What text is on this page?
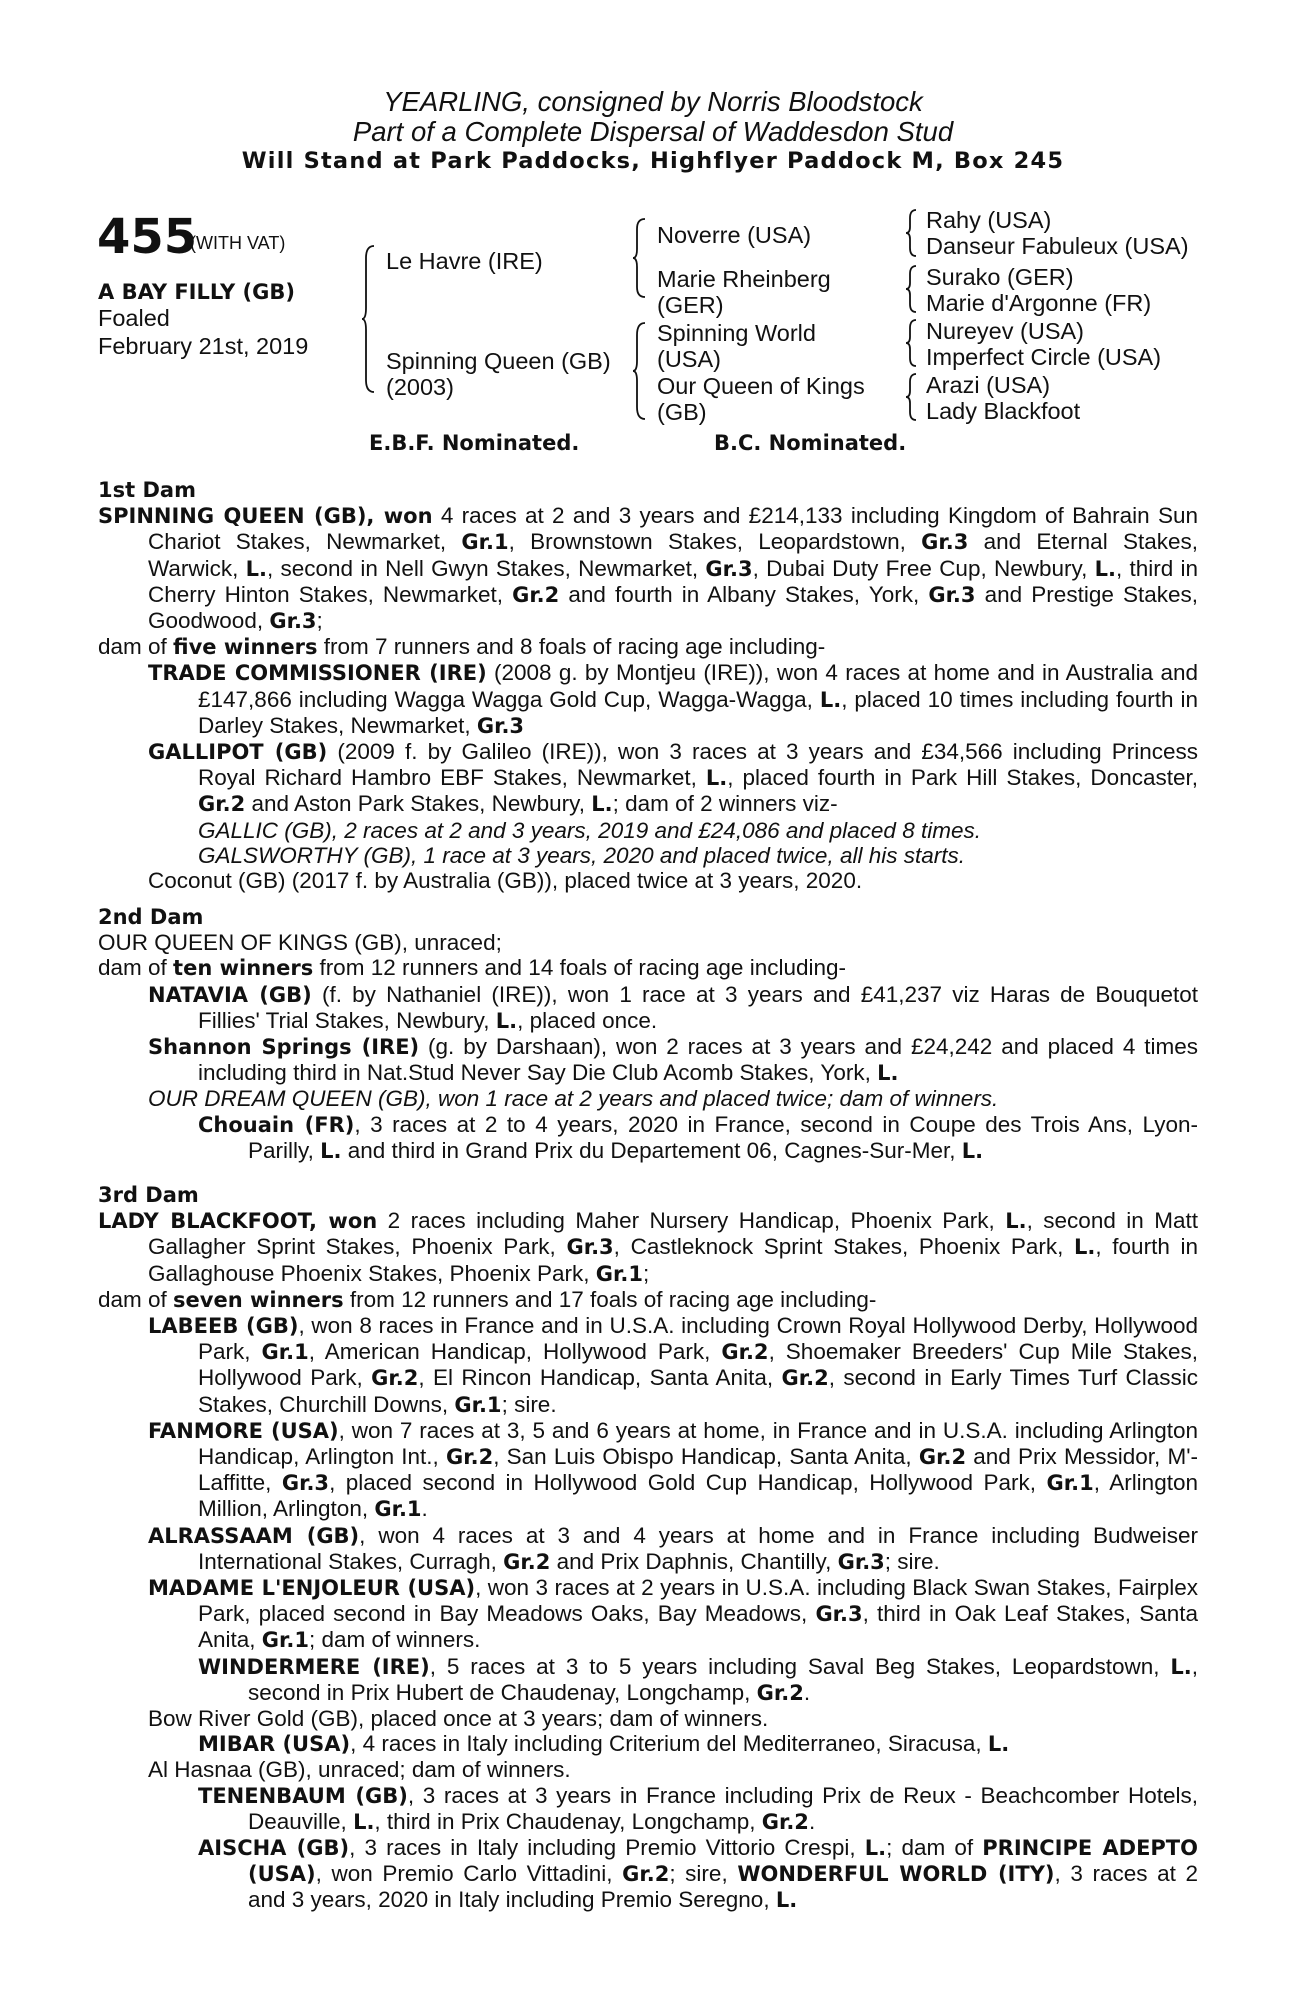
YEARLING, consigned by Norris Bloodstock
Part of a Complete Dispersal of Waddesdon Stud
Will Stand at Park Paddocks, Highflyer Paddock M, Box 245
455
(WITH VAT)
A BAY FILLY (GB)
Foaled
February 21st, 2019
Le Havre (IRE)
Spinning Queen (GB)
(2003)
Noverre (USA)
Marie Rheinberg
(GER)
Spinning World
(USA)
Our Queen of Kings
(GB)
Rahy (USA)
Danseur Fabuleux (USA)
Surako (GER)
Marie d'Argonne (FR)
Nureyev (USA)
Imperfect Circle (USA)
Arazi (USA)
Lady Blackfoot
E.B.F. Nominated.	B.C. Nominated.
1st Dam
SPINNING QUEEN (GB), won 4 races at 2 and 3 years and £214,133 including Kingdom of Bahrain Sun Chariot Stakes, Newmarket, Gr.1, Brownstown Stakes, Leopardstown, Gr.3 and Eternal Stakes, Warwick, L., second in Nell Gwyn Stakes, Newmarket, Gr.3, Dubai Duty Free Cup, Newbury, L., third in Cherry Hinton Stakes, Newmarket, Gr.2 and fourth in Albany Stakes, York, Gr.3 and Prestige Stakes, Goodwood, Gr.3;
dam of five winners from 7 runners and 8 foals of racing age including-
TRADE COMMISSIONER (IRE) (2008 g. by Montjeu (IRE)), won 4 races at home and in Australia and £147,866 including Wagga Wagga Gold Cup, Wagga-Wagga, L., placed 10 times including fourth in Darley Stakes, Newmarket, Gr.3
GALLIPOT (GB) (2009 f. by Galileo (IRE)), won 3 races at 3 years and £34,566 including Princess Royal Richard Hambro EBF Stakes, Newmarket, L., placed fourth in Park Hill Stakes, Doncaster, Gr.2 and Aston Park Stakes, Newbury, L.; dam of 2 winners viz-
GALLIC (GB), 2 races at 2 and 3 years, 2019 and £24,086 and placed 8 times.
GALSWORTHY (GB), 1 race at 3 years, 2020 and placed twice, all his starts.
Coconut (GB) (2017 f. by Australia (GB)), placed twice at 3 years, 2020.
2nd Dam
OUR QUEEN OF KINGS (GB), unraced;
dam of ten winners from 12 runners and 14 foals of racing age including-
NATAVIA (GB) (f. by Nathaniel (IRE)), won 1 race at 3 years and £41,237 viz Haras de Bouquetot Fillies' Trial Stakes, Newbury, L., placed once.
Shannon Springs (IRE) (g. by Darshaan), won 2 races at 3 years and £24,242 and placed 4 times including third in Nat.Stud Never Say Die Club Acomb Stakes, York, L.
OUR DREAM QUEEN (GB), won 1 race at 2 years and placed twice; dam of winners.
Chouain (FR), 3 races at 2 to 4 years, 2020 in France, second in Coupe des Trois Ans, Lyon-Parilly, L. and third in Grand Prix du Departement 06, Cagnes-Sur-Mer, L.
3rd Dam
LADY BLACKFOOT, won 2 races including Maher Nursery Handicap, Phoenix Park, L., second in Matt Gallagher Sprint Stakes, Phoenix Park, Gr.3, Castleknock Sprint Stakes, Phoenix Park, L., fourth in Gallaghouse Phoenix Stakes, Phoenix Park, Gr.1;
dam of seven winners from 12 runners and 17 foals of racing age including-
LABEEB (GB), won 8 races in France and in U.S.A. including Crown Royal Hollywood Derby, Hollywood Park, Gr.1, American Handicap, Hollywood Park, Gr.2, Shoemaker Breeders' Cup Mile Stakes, Hollywood Park, Gr.2, El Rincon Handicap, Santa Anita, Gr.2, second in Early Times Turf Classic Stakes, Churchill Downs, Gr.1; sire.
FANMORE (USA), won 7 races at 3, 5 and 6 years at home, in France and in U.S.A. including Arlington Handicap, Arlington Int., Gr.2, San Luis Obispo Handicap, Santa Anita, Gr.2 and Prix Messidor, M'-Laffitte, Gr.3, placed second in Hollywood Gold Cup Handicap, Hollywood Park, Gr.1, Arlington Million, Arlington, Gr.1.
ALRASSAAM (GB), won 4 races at 3 and 4 years at home and in France including Budweiser International Stakes, Curragh, Gr.2 and Prix Daphnis, Chantilly, Gr.3; sire.
MADAME L'ENJOLEUR (USA), won 3 races at 2 years in U.S.A. including Black Swan Stakes, Fairplex Park, placed second in Bay Meadows Oaks, Bay Meadows, Gr.3, third in Oak Leaf Stakes, Santa Anita, Gr.1; dam of winners.
WINDERMERE (IRE), 5 races at 3 to 5 years including Saval Beg Stakes, Leopardstown, L., second in Prix Hubert de Chaudenay, Longchamp, Gr.2.
Bow River Gold (GB), placed once at 3 years; dam of winners.
MIBAR (USA), 4 races in Italy including Criterium del Mediterraneo, Siracusa, L.
Al Hasnaa (GB), unraced; dam of winners.
TENENBAUM (GB), 3 races at 3 years in France including Prix de Reux - Beachcomber Hotels, Deauville, L., third in Prix Chaudenay, Longchamp, Gr.2.
AISCHA (GB), 3 races in Italy including Premio Vittorio Crespi, L.; dam of PRINCIPE ADEPTO (USA), won Premio Carlo Vittadini, Gr.2; sire, WONDERFUL WORLD (ITY), 3 races at 2 and 3 years, 2020 in Italy including Premio Seregno, L.
